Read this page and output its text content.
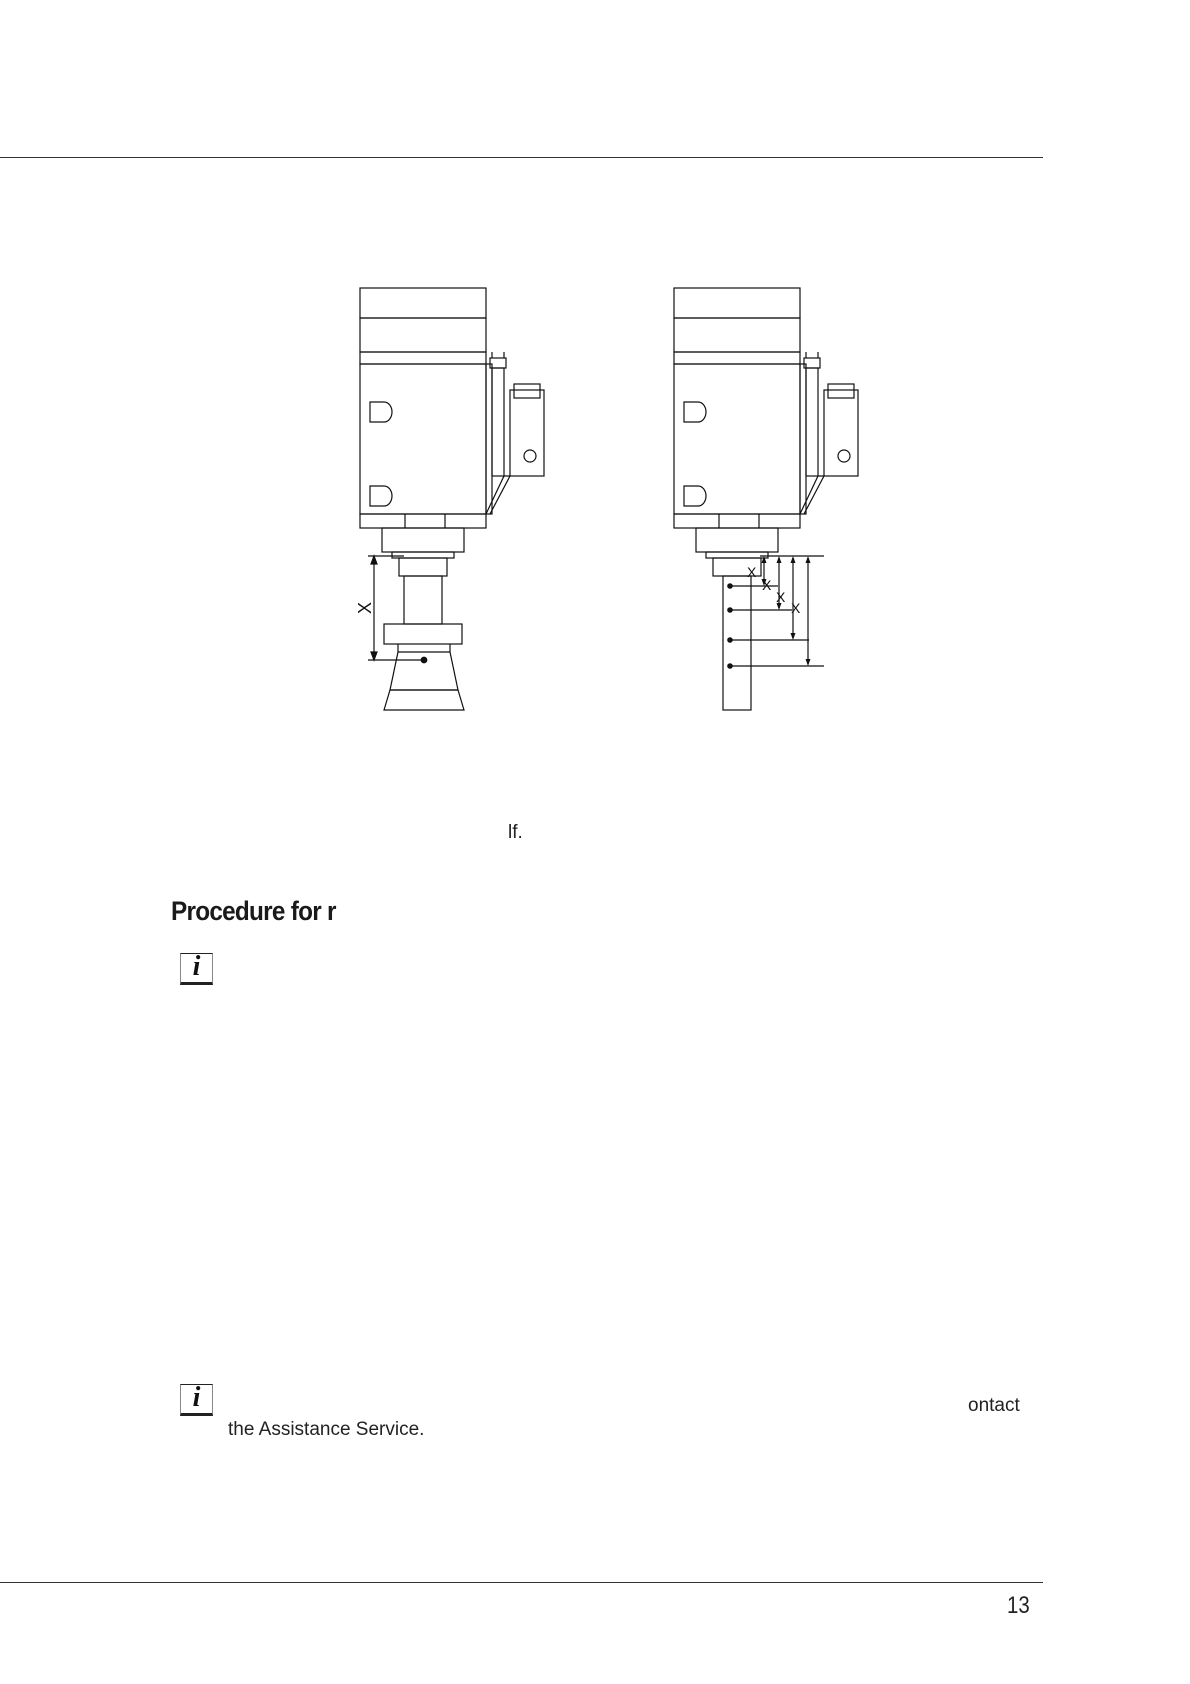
X
X
X
X
X
lf.
Procedure for r
i
i	ontact
the Assistance Service.
13
